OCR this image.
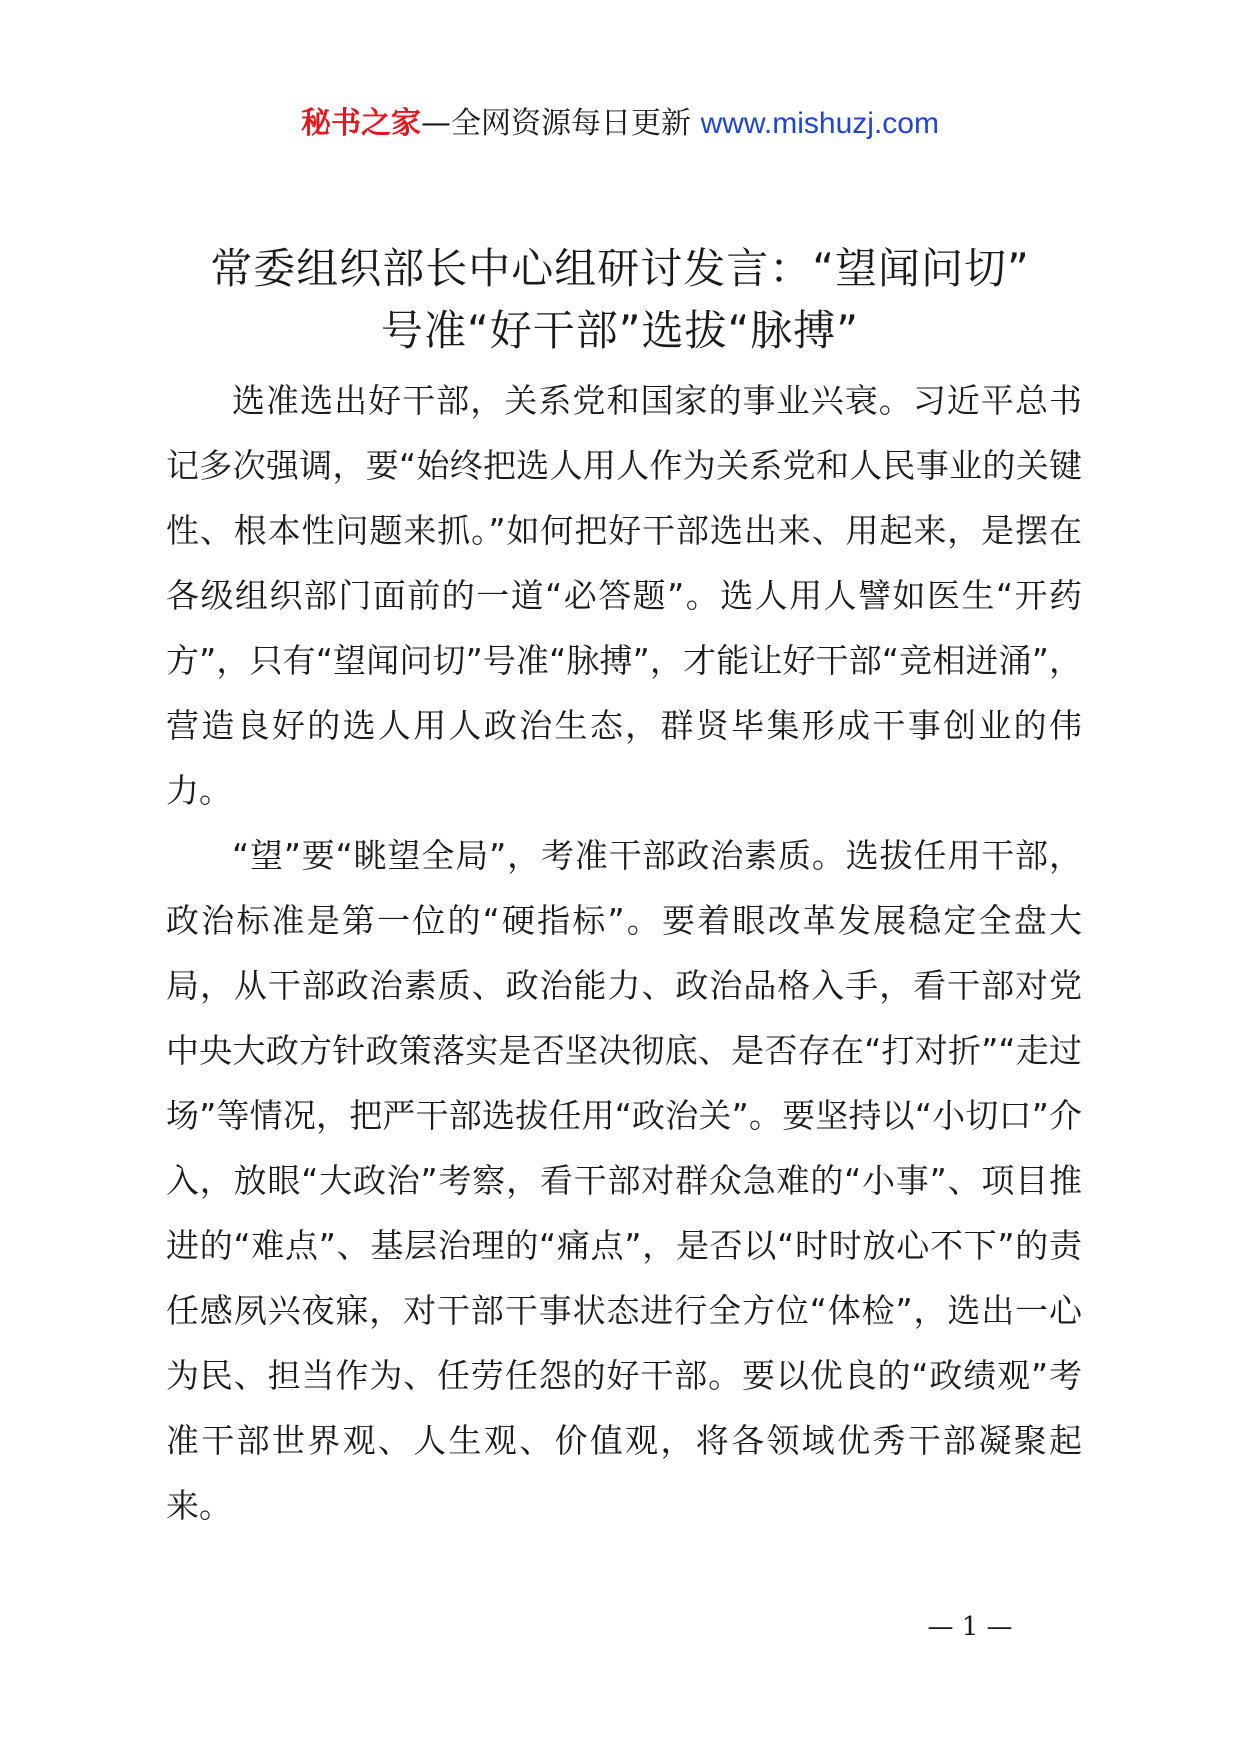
秘书之家—全网资源每日更新 www.mishuzj.com
常委组织部长中心组研讨发言：“望闻问切”
号准“好干部”选拔“脉搏”

选准选出好干部，关系党和国家的事业兴衰。习近平总书记多次强调，要“始终把选人用人作为关系党和人民事业的关键性、根本性问题来抓。”如何把好干部选出来、用起来，是摆在各级组织部门面前的一道“必答题”。选人用人譬如医生“开药方”，只有“望闻问切”号准“脉搏”，才能让好干部“竞相迸涌”，营造良好的选人用人政治生态，群贤毕集形成干事创业的伟力。

“望”要“眺望全局”，考准干部政治素质。选拔任用干部，政治标准是第一位的“硬指标”。要着眼改革发展稳定全盘大局，从干部政治素质、政治能力、政治品格入手，看干部对党中央大政方针政策落实是否坚决彻底、是否存在“打对折”“走过场”等情况，把严干部选拔任用“政治关”。要坚持以“小切口”介入，放眼“大政治”考察，看干部对群众急难的“小事”、项目推进的“难点”、基层治理的“痛点”，是否以“时时放心不下”的责任感夙兴夜寐，对干部干事状态进行全方位“体检”，选出一心为民、担当作为、任劳任怨的好干部。要以优良的“政绩观”考准干部世界观、人生观、价值观，将各领域优秀干部凝聚起来。

— 1 —
